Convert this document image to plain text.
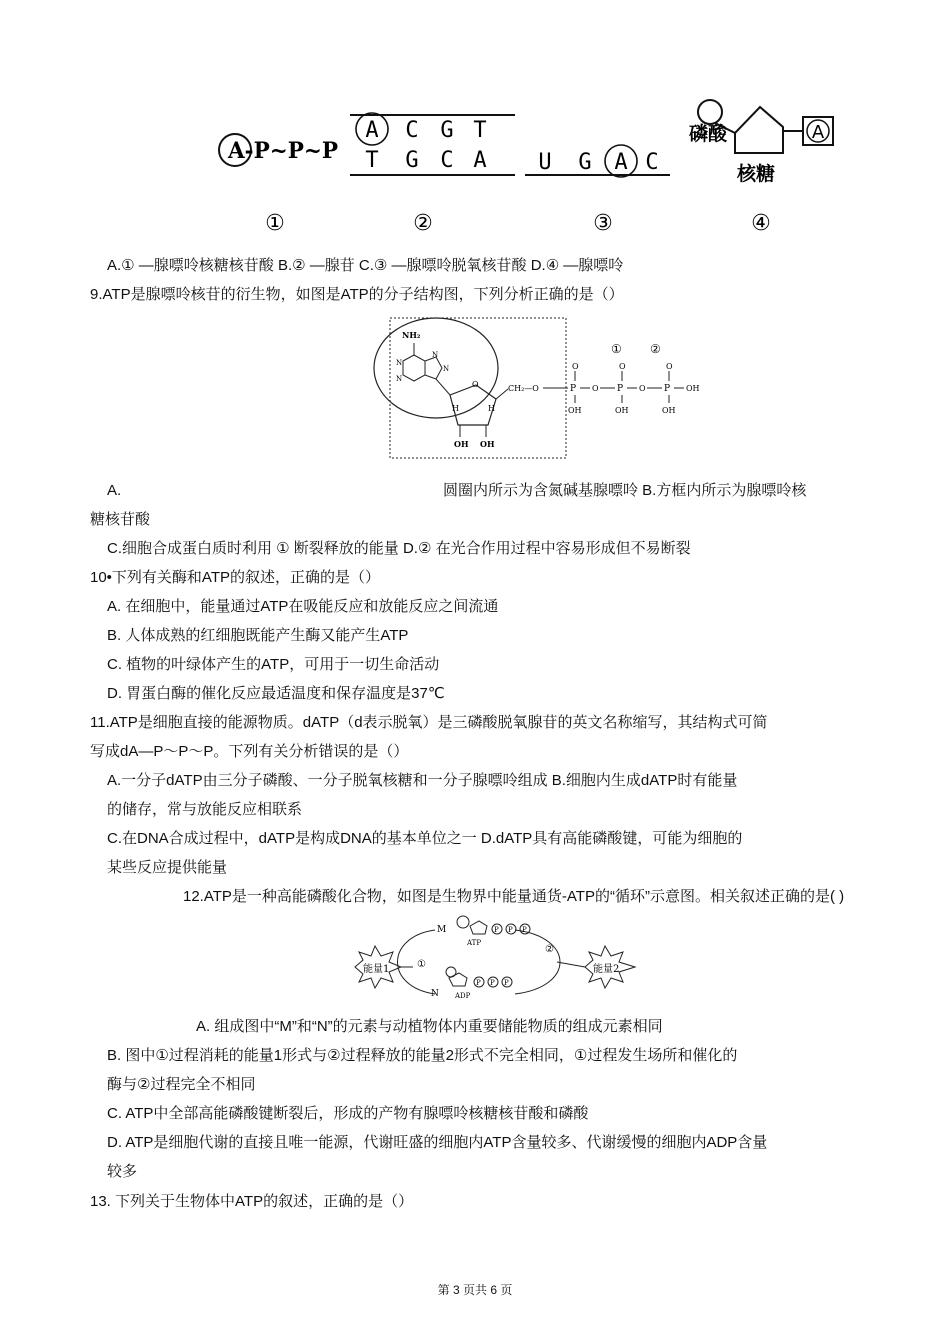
A-P~P~P
A C G T
T G C A U G A C
A
磷酸
核糖
①	②	③	④
A.① —腺嘌呤核糖核苷酸 B.② —腺苷 C.③ —腺嘌呤脱氧核苷酸 D.④ —腺嘌呤
9.ATP是腺嘌呤核苷的衍生物，如图是ATP的分子结构图，下列分析正确的是（）
NH₂
N
N
N
N
O
H	H
OH OH
CH₂—O	P	P	P
O	O	O
O	O	OH
OH	OH	OH
① ②
A.	圆圈内所示为含氮碱基腺嘌呤 B.方框内所示为腺嘌呤核
糖核苷酸
C.细胞合成蛋白质时利用 ① 断裂释放的能量 D.② 在光合作用过程中容易形成但不易断裂
10•下列有关酶和ATP的叙述，正确的是（）
A. 在细胞中，能量通过ATP在吸能反应和放能反应之间流通
B. 人体成熟的红细胞既能产生酶又能产生ATP
C. 植物的叶绿体产生的ATP，可用于一切生命活动
D. 胃蛋白酶的催化反应最适温度和保存温度是37℃
11.ATP是细胞直接的能源物质。dATP（d表示脱氧）是三磷酸脱氧腺苷的英文名称缩写，其结构式可简
写成dA—P～P～P。下列有关分析错误的是（）
A.一分子dATP由三分子磷酸、一分子脱氧核糖和一分子腺嘌呤组成 B.细胞内生成dATP时有能量
的储存，常与放能反应相联系
C.在DNA合成过程中，dATP是构成DNA的基本单位之一 D.dATP具有高能磷酸键，可能为细胞的
某些反应提供能量
12.ATP是一种高能磷酸化合物，如图是生物界中能量通货-ATP的“循环”示意图。相关叙述正确的是( )
能量1	能量2
①
②
M
ATP
P P P
N ADP
P P P
A. 组成图中“M”和“N”的元素与动植物体内重要储能物质的组成元素相同
B. 图中①过程消耗的能量1形式与②过程释放的能量2形式不完全相同，①过程发生场所和催化的
酶与②过程完全不相同
C. ATP中全部高能磷酸键断裂后，形成的产物有腺嘌呤核糖核苷酸和磷酸
D. ATP是细胞代谢的直接且唯一能源，代谢旺盛的细胞内ATP含量较多、代谢缓慢的细胞内ADP含量
较多
13. 下列关于生物体中ATP的叙述，正确的是（）
第 3 页共 6 页
